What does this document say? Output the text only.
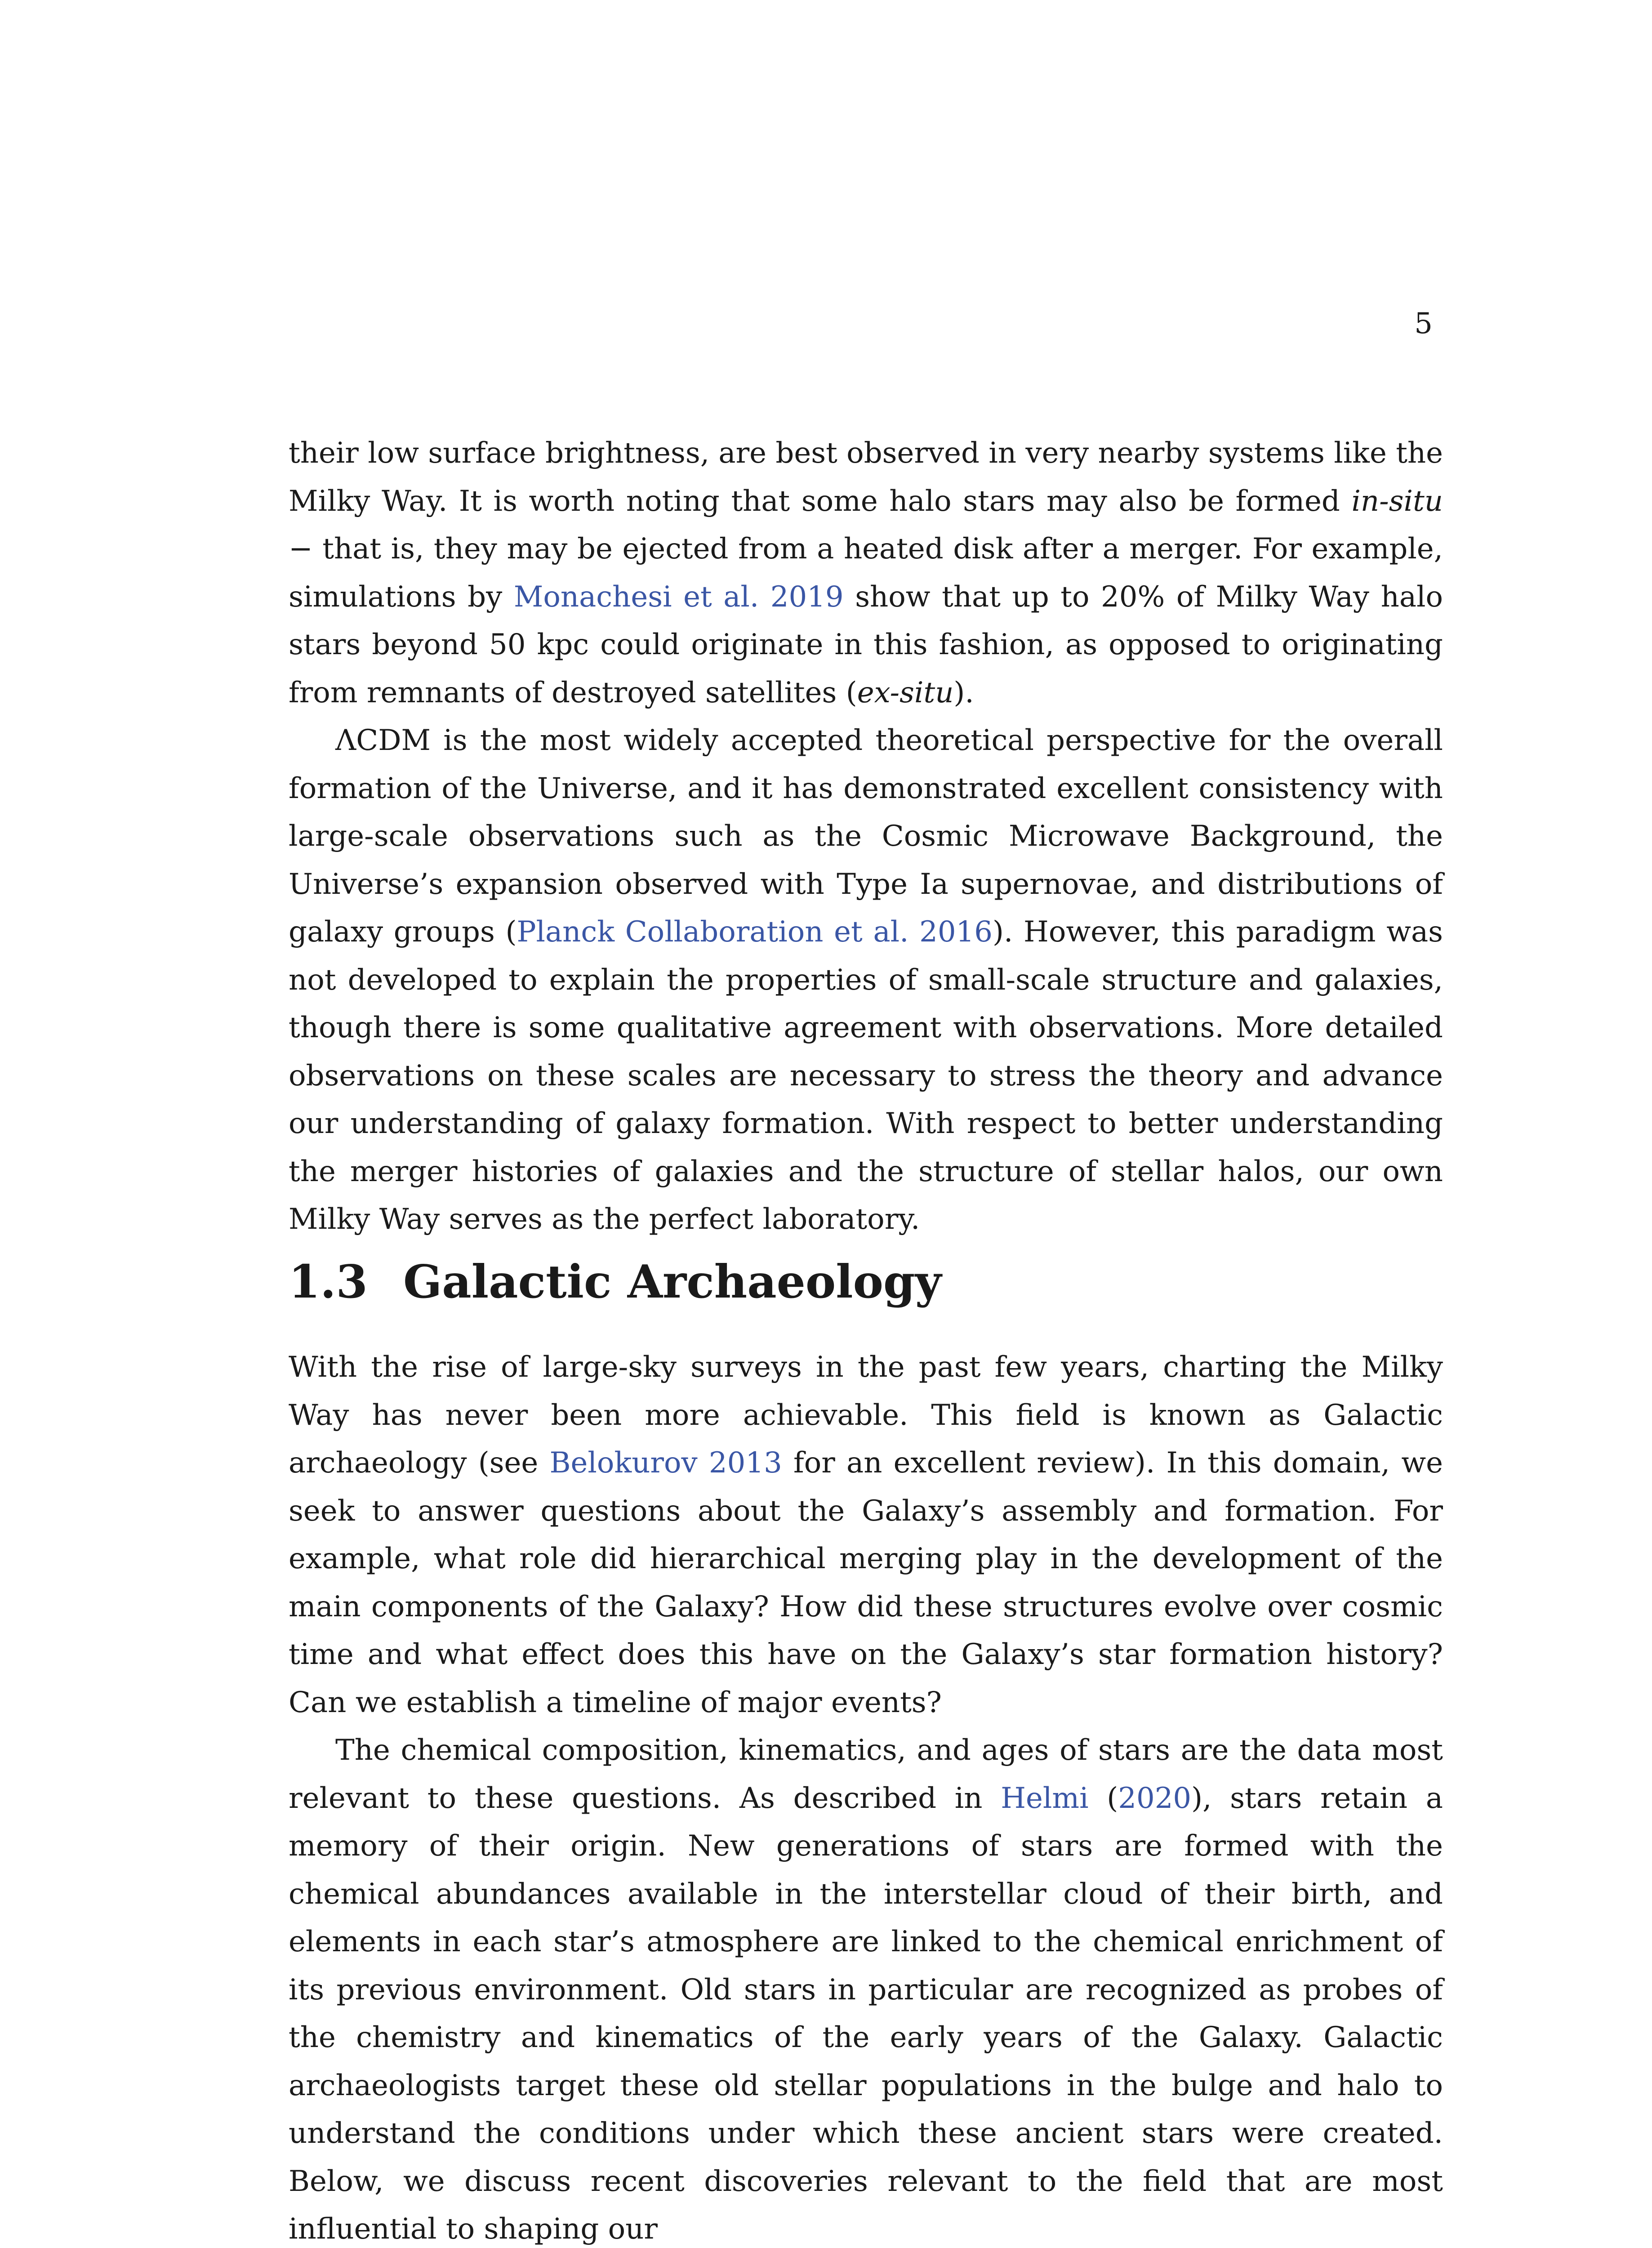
5

their low surface brightness, are best observed in very nearby systems like the Milky Way. It is worth noting that some halo stars may also be formed in-situ − that is, they may be ejected from a heated disk after a merger. For example, simulations by Monachesi et al. 2019 show that up to 20% of Milky Way halo stars beyond 50 kpc could originate in this fashion, as opposed to originating from remnants of destroyed satellites (ex-situ).

ΛCDM is the most widely accepted theoretical perspective for the overall formation of the Universe, and it has demonstrated excellent consistency with large-scale observations such as the Cosmic Microwave Background, the Universe’s expansion observed with Type Ia supernovae, and distributions of galaxy groups (Planck Collaboration et al. 2016). However, this paradigm was not developed to explain the properties of small-scale structure and galaxies, though there is some qualitative agreement with observations. More detailed observations on these scales are necessary to stress the theory and advance our understanding of galaxy formation. With respect to better understanding the merger histories of galaxies and the structure of stellar halos, our own Milky Way serves as the perfect laboratory.

1.3 Galactic Archaeology

With the rise of large-sky surveys in the past few years, charting the Milky Way has never been more achievable. This field is known as Galactic archaeology (see Belokurov 2013 for an excellent review). In this domain, we seek to answer questions about the Galaxy’s assembly and formation. For example, what role did hierarchical merging play in the development of the main components of the Galaxy? How did these structures evolve over cosmic time and what effect does this have on the Galaxy’s star formation history? Can we establish a timeline of major events?

The chemical composition, kinematics, and ages of stars are the data most relevant to these questions. As described in Helmi (2020), stars retain a memory of their origin. New generations of stars are formed with the chemical abundances available in the interstellar cloud of their birth, and elements in each star’s atmosphere are linked to the chemical enrichment of its previous environment. Old stars in particular are recognized as probes of the chemistry and kinematics of the early years of the Galaxy. Galactic archaeologists target these old stellar populations in the bulge and halo to understand the conditions under which these ancient stars were created. Below, we discuss recent discoveries relevant to the field that are most influential to shaping our
